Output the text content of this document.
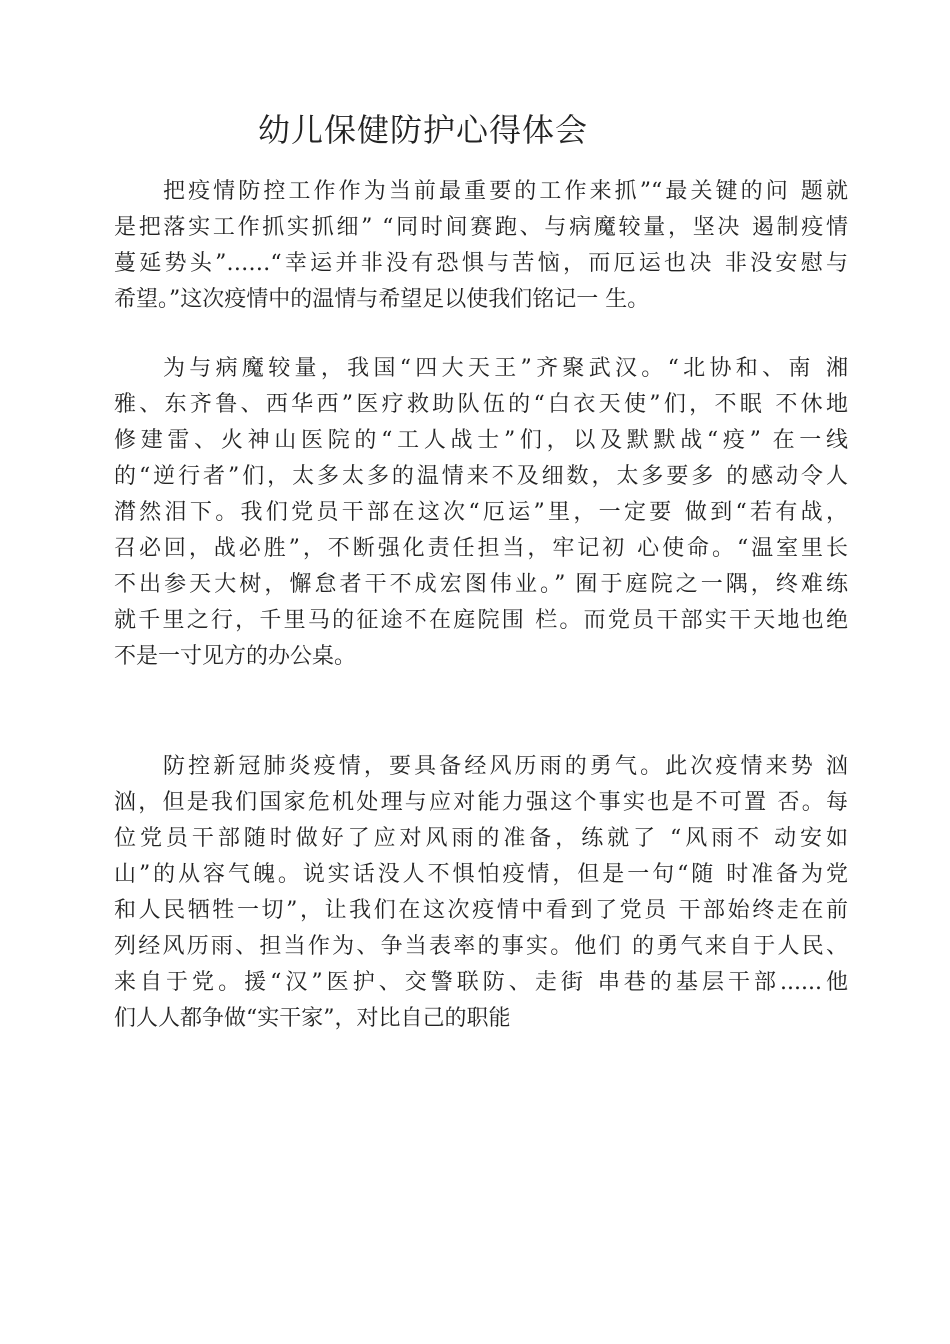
幼儿保健防护心得体会
把疫情防控工作作为当前最重要的工作来抓”“最关键的问 题就
是把落实工作抓实抓细” “同时间赛跑、与病魔较量，坚决 遏制疫情
蔓延势头”……“幸运并非没有恐惧与苦恼，而厄运也决 非没安慰与
希望。”这次疫情中的温情与希望足以使我们铭记一 生。
为与病魔较量，我国“四大天王”齐聚武汉。“北协和、南 湘
雅、东齐鲁、西华西”医疗救助队伍的“白衣天使”们，不眠 不休地
修建雷、火神山医院的“工人战士”们，以及默默战“疫” 在一线
的“逆行者”们，太多太多的温情来不及细数，太多要多 的感动令人
潸然泪下。我们党员干部在这次“厄运”里，一定要 做到“若有战，
召必回，战必胜”，不断强化责任担当，牢记初 心使命。“温室里长
不出参天大树，懈怠者干不成宏图伟业。” 囿于庭院之一隅，终难练
就千里之行，千里马的征途不在庭院围 栏。而党员干部实干天地也绝
不是一寸见方的办公桌。
防控新冠肺炎疫情，要具备经风历雨的勇气。此次疫情来势 汹
汹，但是我们国家危机处理与应对能力强这个事实也是不可置 否。每
位党员干部随时做好了应对风雨的准备，练就了 “风雨不 动安如
山”的从容气魄。说实话没人不惧怕疫情，但是一句“随 时准备为党
和人民牺牲一切”，让我们在这次疫情中看到了党员 干部始终走在前
列经风历雨、担当作为、争当表率的事实。他们 的勇气来自于人民、
来自于党。援“汉”医护、交警联防、走街 串巷的基层干部......他
们人人都争做“实干家”，对比自己的职能
